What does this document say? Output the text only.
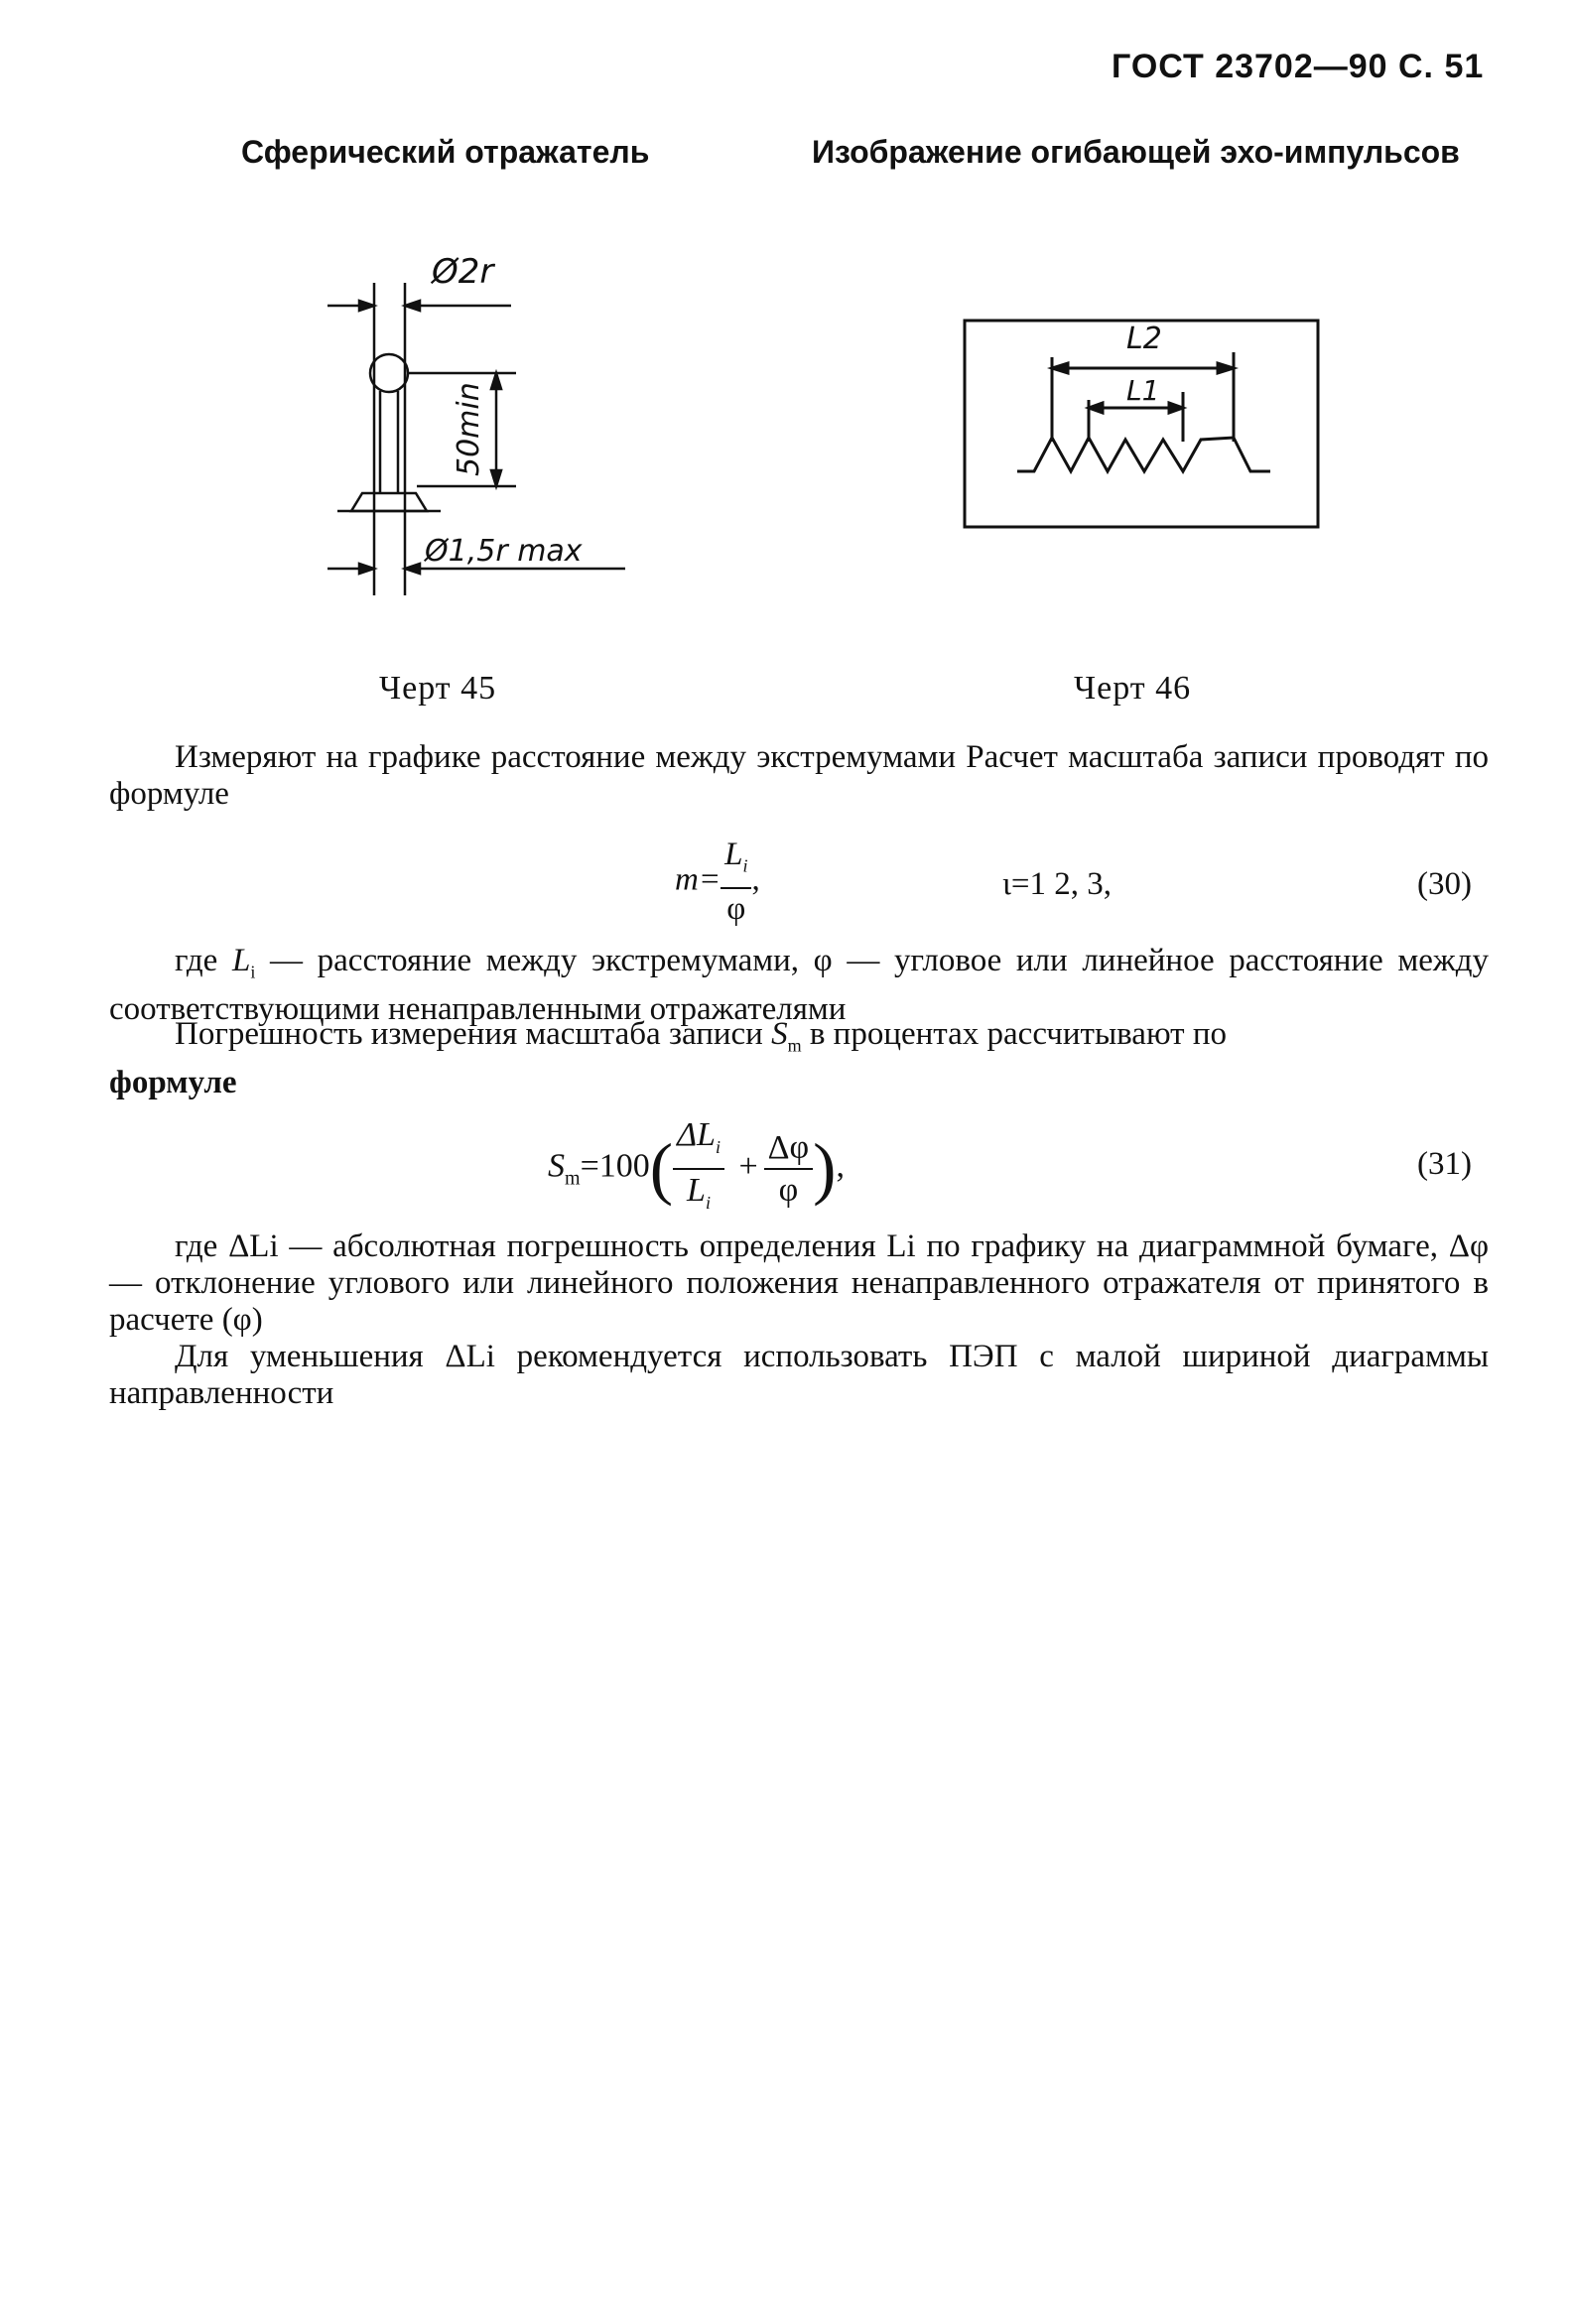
ГОСТ 23702—90 С. 51
Сферический отражатель	Изображение огибающей эхо-импульсов
Ø2r
50min
Ø1,5r max
L2
L1
Черт 45	Черт 46
Измеряют на графике расстояние между экстремумами Расчет масштаба записи проводят по формуле
$m= \frac{L_i}{\varphi}$ ,	ι=1 2, 3,	(30)
где $L_i$ — расстояние между экстремумами, φ — угловое или линейное расстояние между соответствующими ненаправленными отражателями
Погрешность измерения масштаба записи $S_m$ в процентах рассчитывают по
формуле
$S_m=100( \frac{\Delta L_i}{L_i} + \frac{\Delta\varphi}{\varphi}$ ),	(31)
где ΔLi — абсолютная погрешность определения Li по графику на диаграммной бумаге, Δφ — отклонение углового или линейного положения ненаправленного отражателя от принятого в расчете (φ)
Для уменьшения ΔLi рекомендуется использовать ПЭП с малой шириной диаграммы направленности
